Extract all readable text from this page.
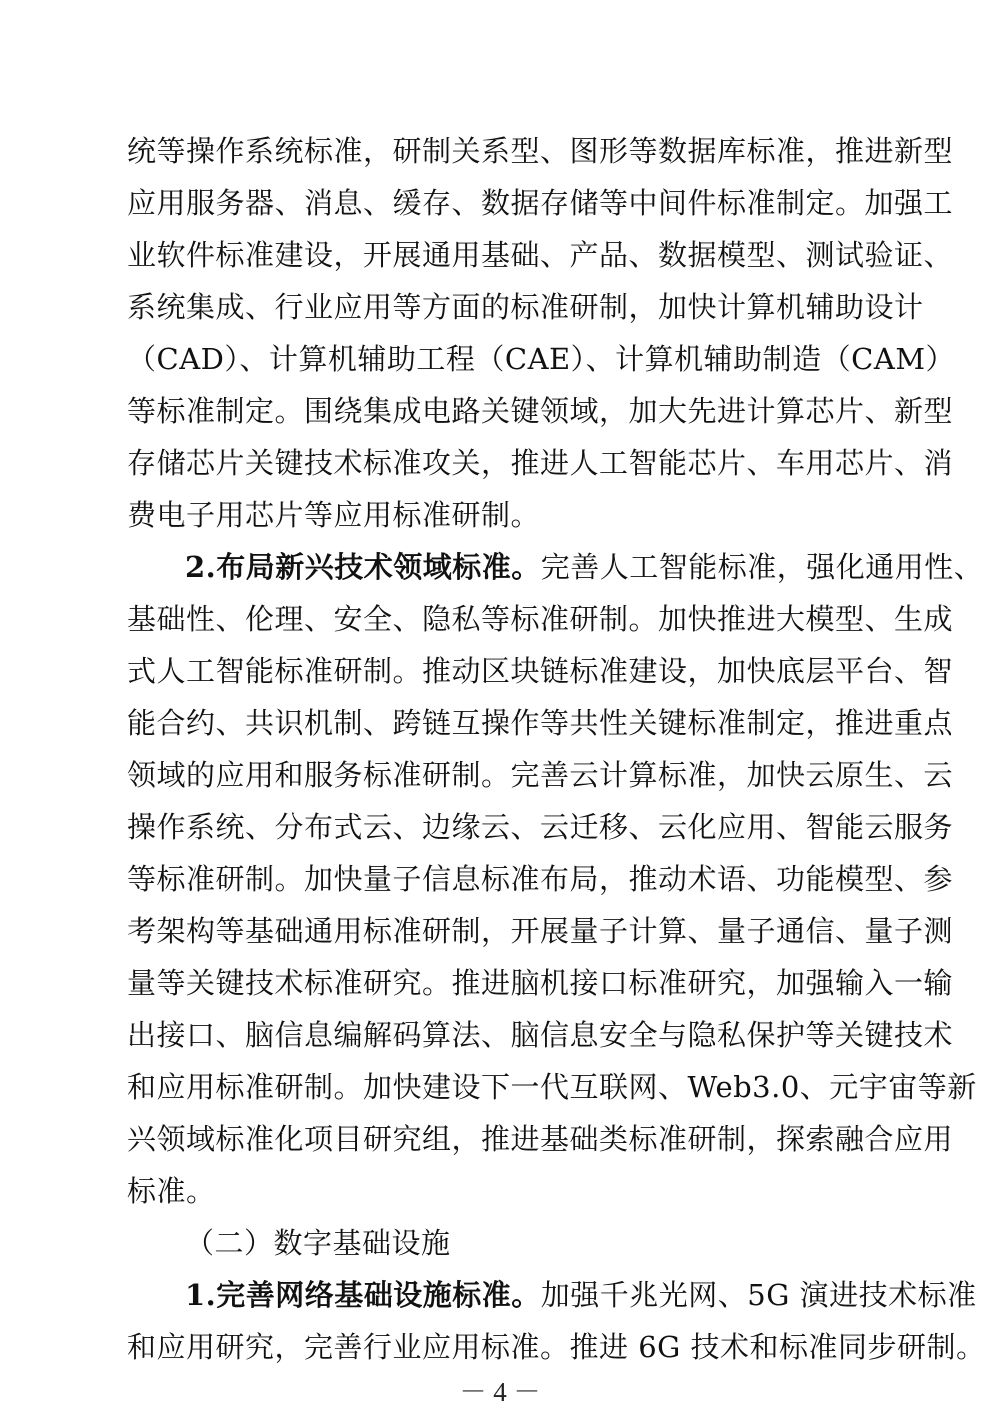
统等操作系统标准，研制关系型、图形等数据库标准，推进新型
应用服务器、消息、缓存、数据存储等中间件标准制定。加强工
业软件标准建设，开展通用基础、产品、数据模型、测试验证、
系统集成、行业应用等方面的标准研制，加快计算机辅助设计
（CAD）、计算机辅助工程（CAE）、计算机辅助制造（CAM）
等标准制定。围绕集成电路关键领域，加大先进计算芯片、新型
存储芯片关键技术标准攻关，推进人工智能芯片、车用芯片、消
费电子用芯片等应用标准研制。
2.布局新兴技术领域标准。完善人工智能标准，强化通用性、
基础性、伦理、安全、隐私等标准研制。加快推进大模型、生成
式人工智能标准研制。推动区块链标准建设，加快底层平台、智
能合约、共识机制、跨链互操作等共性关键标准制定，推进重点
领域的应用和服务标准研制。完善云计算标准，加快云原生、云
操作系统、分布式云、边缘云、云迁移、云化应用、智能云服务
等标准研制。加快量子信息标准布局，推动术语、功能模型、参
考架构等基础通用标准研制，开展量子计算、量子通信、量子测
量等关键技术标准研究。推进脑机接口标准研究，加强输入一输
出接口、脑信息编解码算法、脑信息安全与隐私保护等关键技术
和应用标准研制。加快建设下一代互联网、Web3.0、元宇宙等新
兴领域标准化项目研究组，推进基础类标准研制，探索融合应用
标准。
（二）数字基础设施
1.完善网络基础设施标准。加强千兆光网、5G 演进技术标准
和应用研究，完善行业应用标准。推进 6G 技术和标准同步研制。
－ 4 －
